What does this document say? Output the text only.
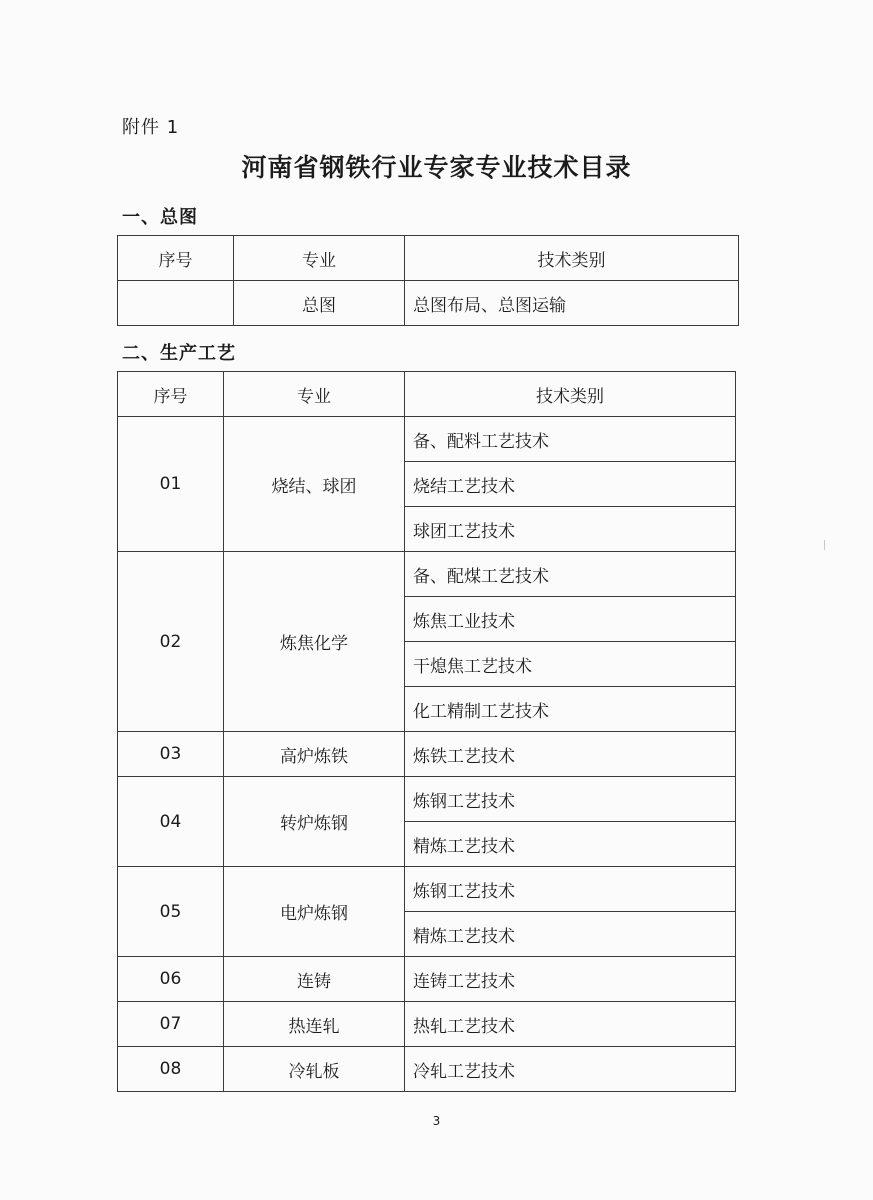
附件 1
河南省钢铁行业专家专业技术目录
一、总图
序号	专业	技术类别
	总图	总图布局、总图运输
二、生产工艺
序号	专业	技术类别
01	烧结、球团	备、配料工艺技术
		烧结工艺技术
		球团工艺技术
02	炼焦化学	备、配煤工艺技术
		炼焦工业技术
		干熄焦工艺技术
		化工精制工艺技术
03	高炉炼铁	炼铁工艺技术
04	转炉炼钢	炼钢工艺技术
		精炼工艺技术
05	电炉炼钢	炼钢工艺技术
		精炼工艺技术
06	连铸	连铸工艺技术
07	热连轧	热轧工艺技术
08	冷轧板	冷轧工艺技术
3
